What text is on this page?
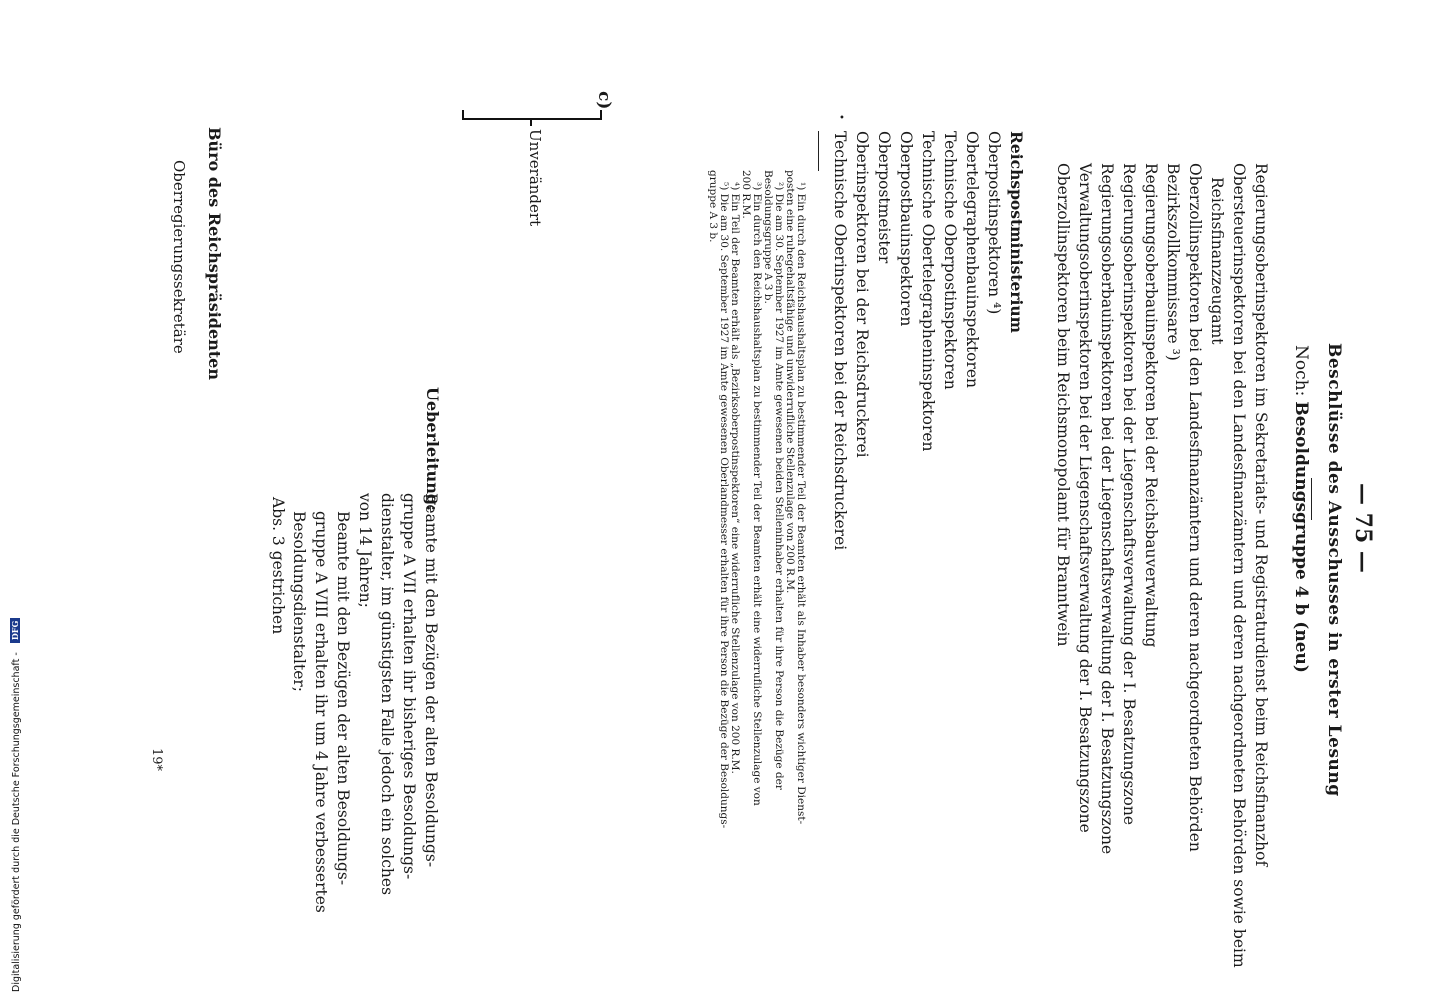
— 75 —
Beschlüsse des Ausschusses in erster Lesung
Noch: Besoldungsgruppe 4 b (neu)
Regierungsoberinspektoren im Sekretariats- und Registraturdienst beim Reichsfinanzhof
Obersteuerinspektoren bei den Landesfinanzämtern und deren nachgeordneten Behörden sowie beim
Reichsfinanzzeugamt
Oberzollinspektoren bei den Landesfinanzämtern und deren nachgeordneten Behörden
Bezirkszollkommissare ³)
Regierungsoberbauinspektoren bei der Reichsbauverwaltung
Regierungsoberinspektoren bei der Liegenschaftsverwaltung der I. Besatzungszone
Regierungsoberbauinspektoren bei der Liegenschaftsverwaltung der I. Besatzungszone
Verwaltungsoberinspektoren bei der Liegenschaftsverwaltung der I. Besatzungszone
Oberzollinspektoren beim Reichsmonopolamt für Branntwein
Reichspostministerium
Oberpostinspektoren ⁴)
Obertelegraphenbauinspektoren
Technische Oberpostinspektoren
Technische Obertelegrapheninspektoren
Oberpostbauinspektoren
Oberpostmeister
Oberinspektoren bei der Reichsdruckerei
Technische Oberinspektoren bei der Reichsdruckerei
•
¹) Ein durch den Reichshaushaltsplan zu bestimmender Teil der Beamten erhält als Inhaber besonders wichtiger Dienst-
posten eine ruhegehaltsfähige und unwiderrufliche Stellenzulage von 200 R.M.
²) Die am 30. September 1927 im Amte gewesenen beiden Stelleninhaber erhalten für ihre Person die Bezüge der
Besoldungsgruppe A 3 b.
³) Ein durch den Reichshaushaltsplan zu bestimmender Teil der Beamten erhält eine widerrufliche Stellenzulage von
200 R.M.
⁴) Ein Teil der Beamten erhält als „Bezirksoberpostinspektoren“ eine widerrufliche Stellenzulage von 200 R.M.
⁵) Die am 30. September 1927 im Amte gewesenen Oberlandmesser erhalten für ihre Person die Bezüge der Besoldungs-
gruppe A 3 b.
c)
Unverändert
Büro des Reichspräsidenten
Oberregierungssekretäre
Ueberleitung:
Beamte mit den Bezügen der alten Besoldungs-
gruppe A VII erhalten ihr bisheriges Besoldungs-
dienstalter, im günstigsten Falle jedoch ein solches
von 14 Jahren;
Beamte mit den Bezügen der alten Besoldungs-
gruppe A VIII erhalten ihr um 4 Jahre verbessertes
Besoldungsdienstalter;
Abs. 3 gestrichen
19*
Digitalisierung gefördert durch die Deutsche Forschungsgemeinschaft - DFG
